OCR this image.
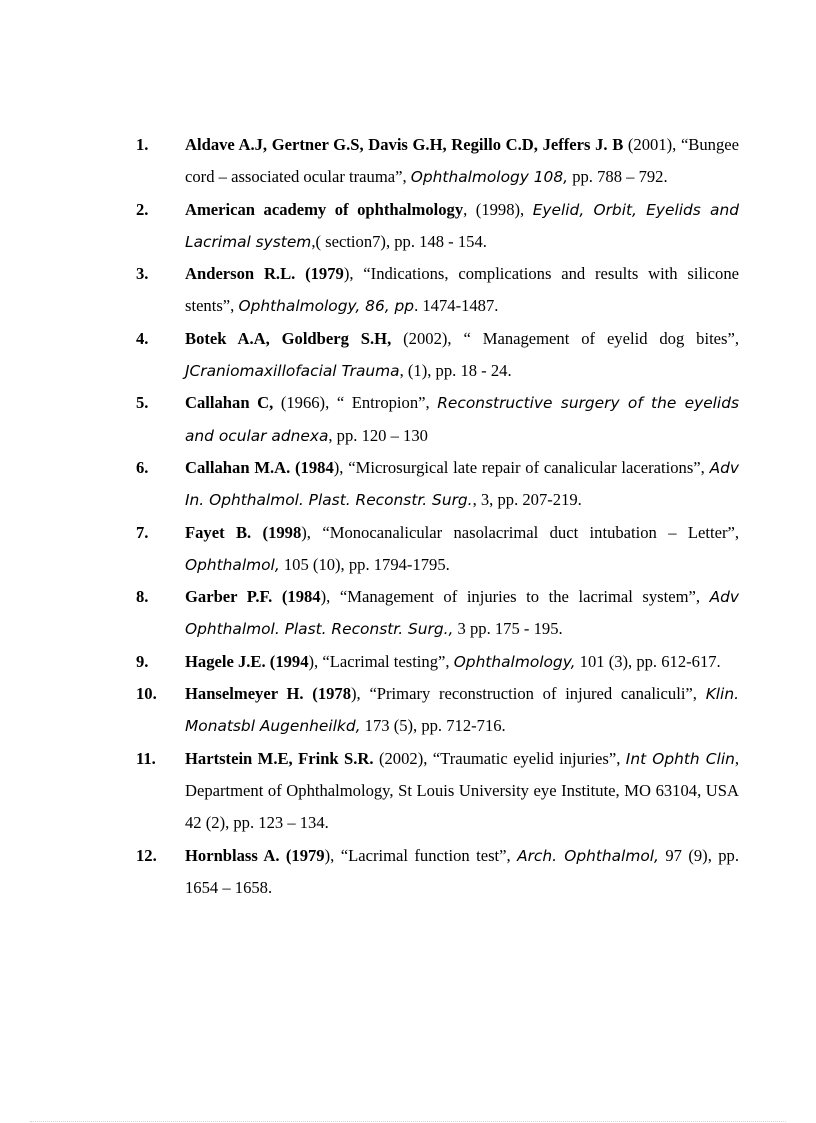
1. Aldave A.J, Gertner G.S, Davis G.H, Regillo C.D, Jeffers J. B (2001), “Bungee cord – associated ocular trauma”, Ophthalmology 108, pp. 788 – 792.
2. American academy of ophthalmology, (1998), Eyelid, Orbit, Eyelids and Lacrimal system,( section7), pp. 148 - 154.
3. Anderson R.L. (1979), “Indications, complications and results with silicone stents”, Ophthalmology, 86, pp. 1474-1487.
4. Botek A.A, Goldberg S.H, (2002), “ Management of eyelid dog bites”, JCraniomaxillofacial Trauma, (1), pp. 18 - 24.
5. Callahan C, (1966), “ Entropion”, Reconstructive surgery of the eyelids and ocular adnexa, pp. 120 – 130
6. Callahan M.A. (1984), “Microsurgical late repair of canalicular lacerations”, Adv In. Ophthalmol. Plast. Reconstr. Surg., 3, pp. 207-219.
7. Fayet B. (1998), “Monocanalicular nasolacrimal duct intubation – Letter”, Ophthalmol, 105 (10), pp. 1794-1795.
8. Garber P.F. (1984), “Management of injuries to the lacrimal system”, Adv Ophthalmol. Plast. Reconstr. Surg., 3 pp. 175 - 195.
9. Hagele J.E. (1994), “Lacrimal testing”, Ophthalmology, 101 (3), pp. 612-617.
10. Hanselmeyer H. (1978), “Primary reconstruction of injured canaliculi”, Klin. Monatsbl Augenheilkd, 173 (5), pp. 712-716.
11. Hartstein M.E, Frink S.R. (2002), “Traumatic eyelid injuries”, Int Ophth Clin, Department of Ophthalmology, St Louis University eye Institute, MO 63104, USA 42 (2), pp. 123 – 134.
12. Hornblass A. (1979), “Lacrimal function test”, Arch. Ophthalmol, 97 (9), pp. 1654 – 1658.
